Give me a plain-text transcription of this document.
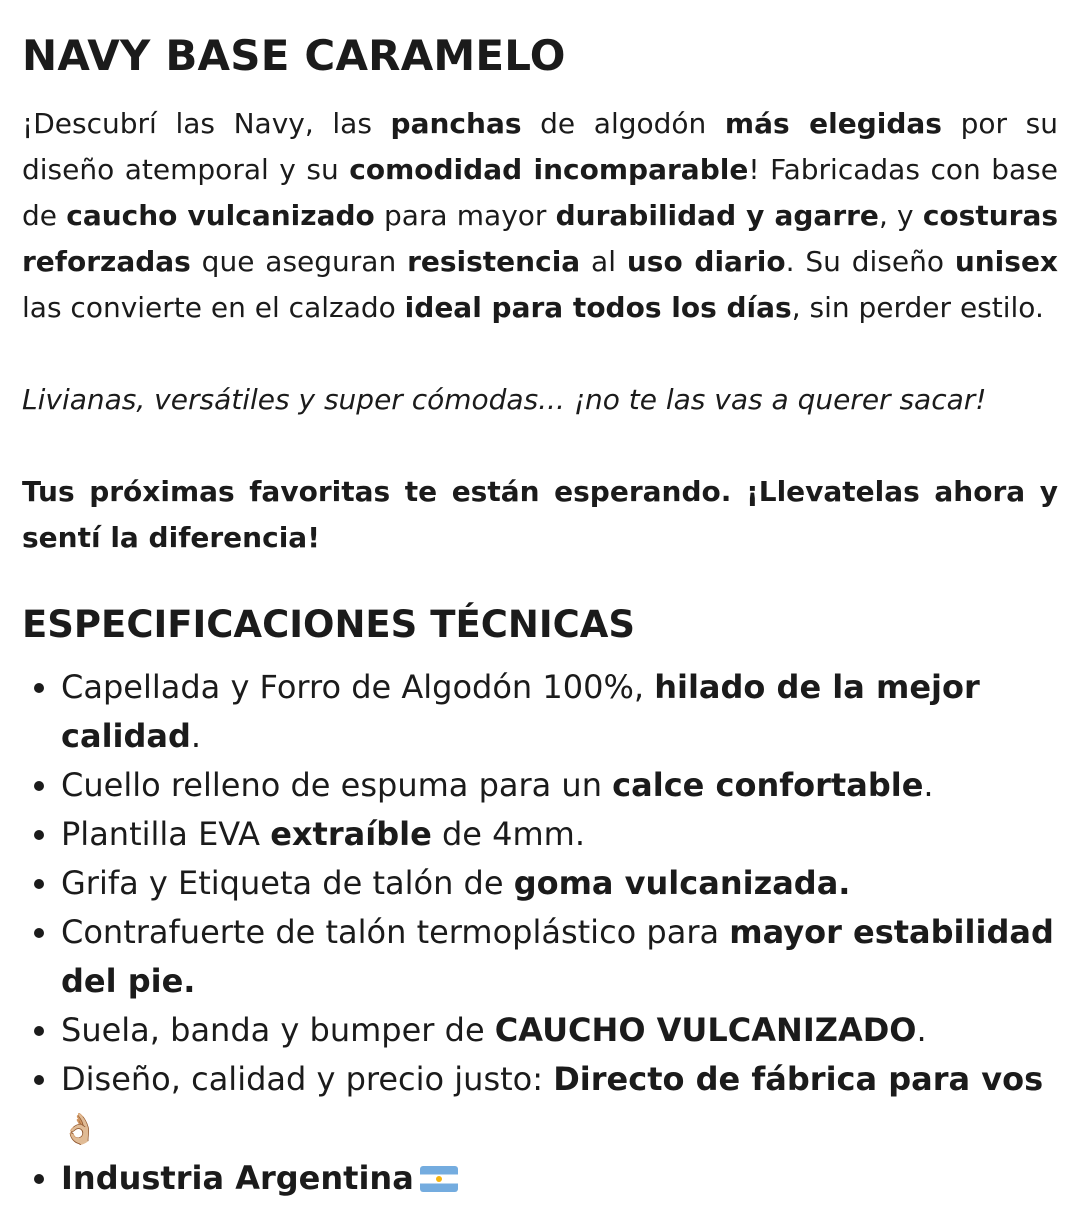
NAVY BASE CARAMELO

¡Descubrí las Navy, las panchas de algodón más elegidas por su diseño atemporal y su comodidad incomparable! Fabricadas con base de caucho vulcanizado para mayor durabilidad y agarre, y costuras reforzadas que aseguran resistencia al uso diario. Su diseño unisex las convierte en el calzado ideal para todos los días, sin perder estilo.

Livianas, versátiles y super cómodas... ¡no te las vas a querer sacar!
Tus próximas favoritas te están esperando. ¡Llevatelas ahora y sentí la diferencia!
ESPECIFICACIONES TÉCNICAS
• Capellada y Forro de Algodón 100%, hilado de la mejor calidad.
• Cuello relleno de espuma para un calce confortable.
• Plantilla EVA extraíble de 4mm.
• Grifa y Etiqueta de talón de goma vulcanizada.
• Contrafuerte de talón termoplástico para mayor estabilidad del pie.
• Suela, banda y bumper de CAUCHO VULCANIZADO.
• Diseño, calidad y precio justo: Directo de fábrica para vos 👌🏼
• Industria Argentina
